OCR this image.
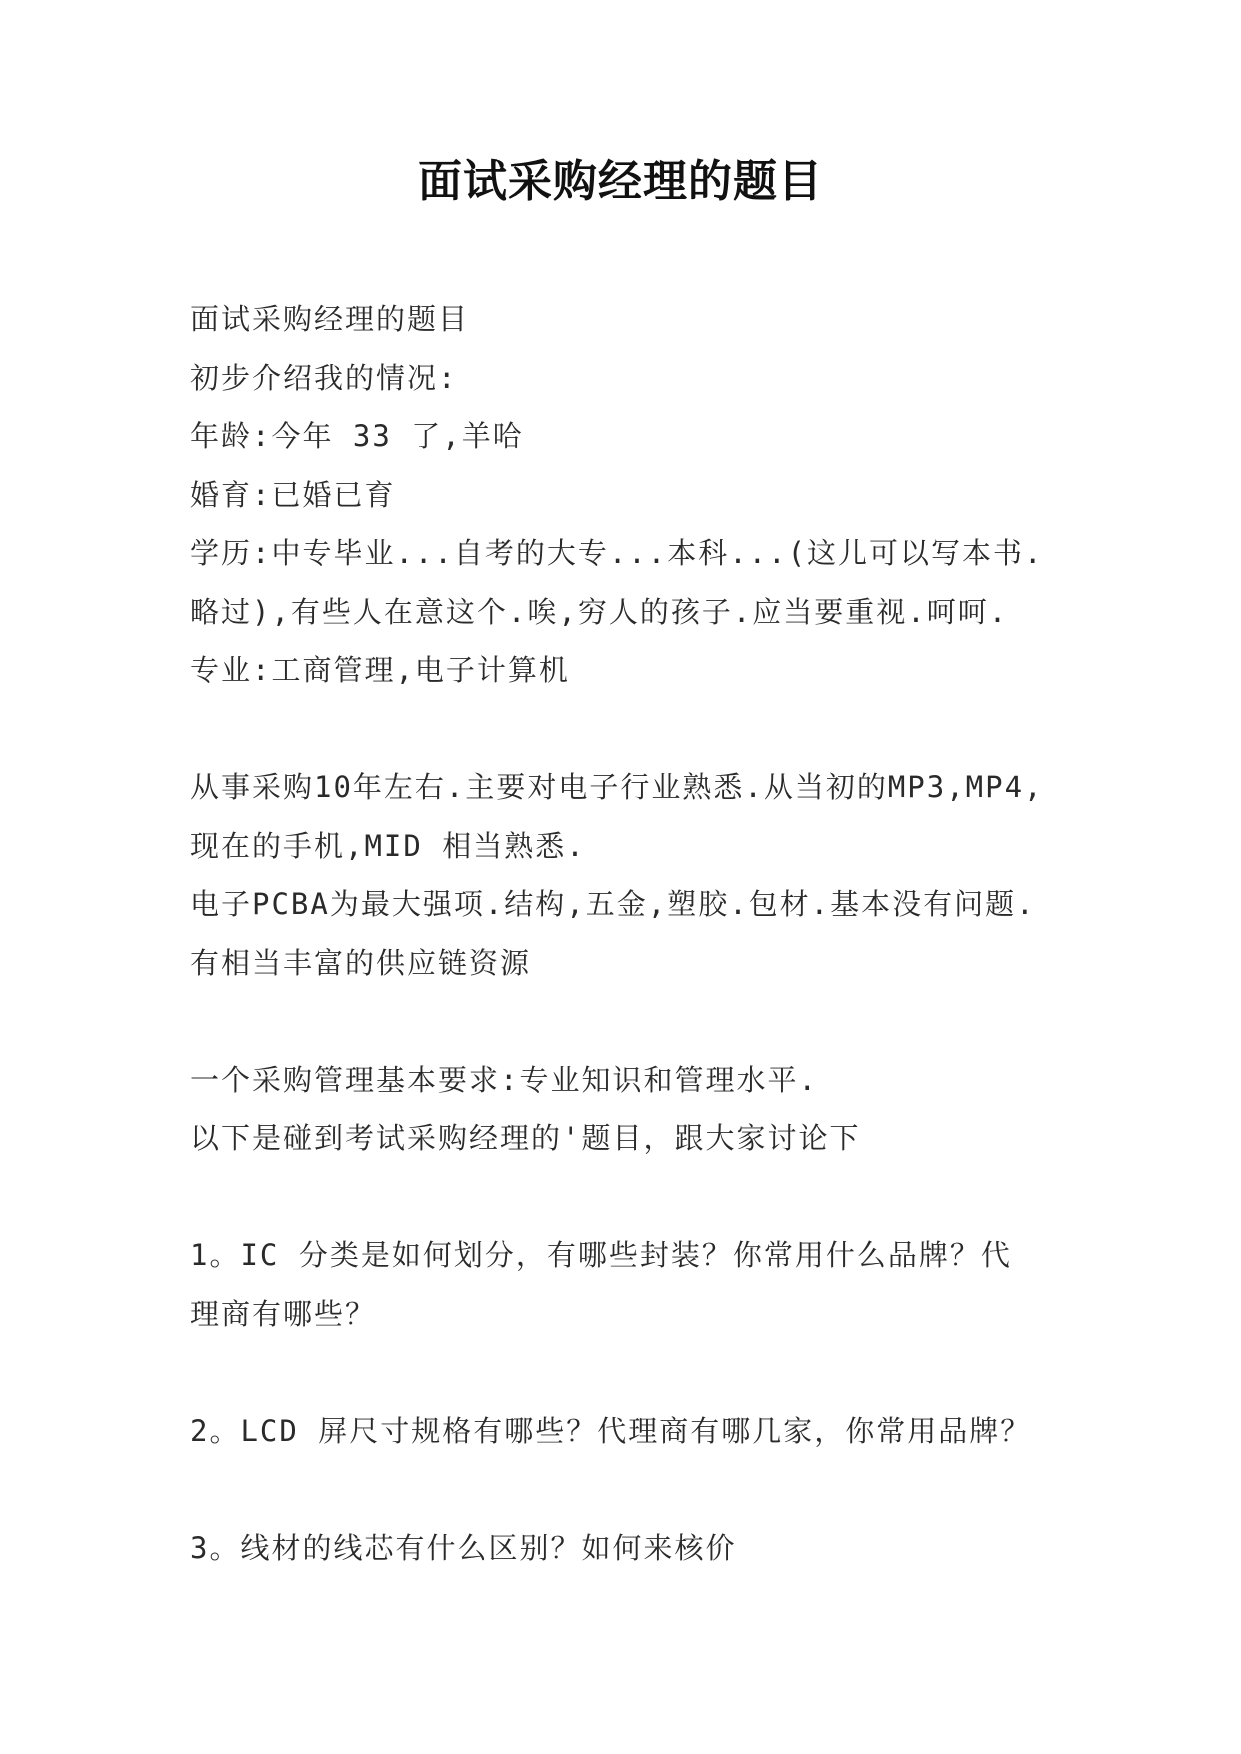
面试采购经理的题目
面试采购经理的题目
初步介绍我的情况:
年龄:今年 33 了,羊哈
婚育:已婚已育
学历:中专毕业...自考的大专...本科...(这儿可以写本书.
略过),有些人在意这个.唉,穷人的孩子.应当要重视.呵呵.
专业:工商管理,电子计算机
从事采购10年左右.主要对电子行业熟悉.从当初的MP3,MP4,
现在的手机,MID 相当熟悉.
电子PCBA为最大强项.结构,五金,塑胶.包材.基本没有问题.
有相当丰富的供应链资源
一个采购管理基本要求:专业知识和管理水平.
以下是碰到考试采购经理的'题目，跟大家讨论下
1。IC 分类是如何划分，有哪些封装？你常用什么品牌？代
理商有哪些？
2。LCD 屏尺寸规格有哪些？代理商有哪几家，你常用品牌？
3。线材的线芯有什么区别？如何来核价
